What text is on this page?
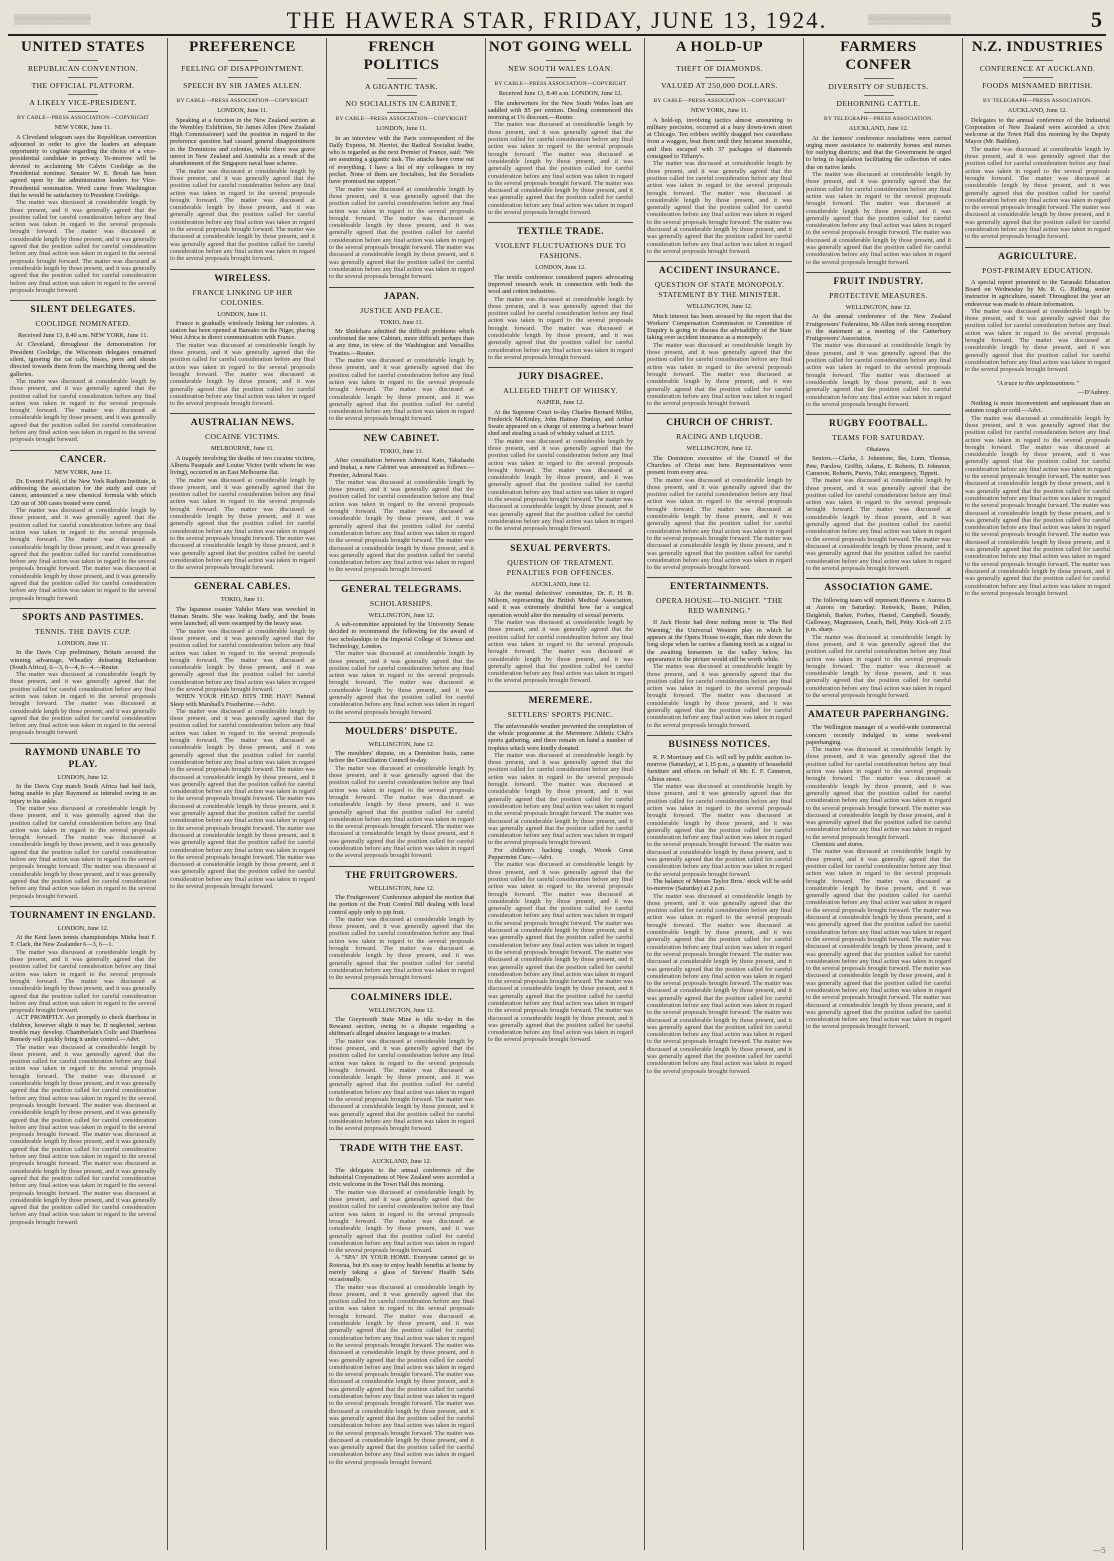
▒▒▒▒▒▒▒▒▒▒▒▒	THE HAWERA STAR, FRIDAY, JUNE 13, 1924.	▒▒▒▒▒▒▒▒▒▒▒▒▒	5
UNITED STATES
REPUBLICAN CONVENTION.
THE OFFICIAL PLATFORM.
A LIKELY VICE-PRESIDENT.
BY CABLE—PRESS ASSOCIATION—COPYRIGHT
NEW YORK, June 11.

A Cleveland telegram says the Republican convention adjourned in order to give the leaders an adequate opportunity to cogitate regarding the choice of a vice-presidential candidate in privacy. To-morrow will be devoted to acclaiming Mr Calvin Coolidge as the Presidential nominee. Senator W. E. Borah has been agreed upon by the administration leaders for Vice-Presidential nomination. Word came from Washington that he would be satisfactory to President Coolidge.

The matter was discussed at considerable length by those present, and it was generally agreed that the position called for careful consideration before any final action was taken in regard to the several proposals brought forward. The matter was discussed at considerable length by those present, and it was generally agreed that the position called for careful consideration before any final action was taken in regard to the several proposals brought forward. The matter was discussed at considerable length by those present, and it was generally agreed that the position called for careful consideration before any final action was taken in regard to the several proposals brought forward.

SILENT DELEGATES.
COOLIDGE NOMINATED.
Received June 13, 8.40 a.m. NEW YORK, June 11.

At Cleveland, throughout the demonstration for President Coolidge, the Wisconsin delegates remained silent, ignoring the cat calls, hisses, jeers and shouts directed towards them from the marching throng and the galleries.

The matter was discussed at considerable length by those present, and it was generally agreed that the position called for careful consideration before any final action was taken in regard to the several proposals brought forward. The matter was discussed at considerable length by those present, and it was generally agreed that the position called for careful consideration before any final action was taken in regard to the several proposals brought forward.

CANCER.
NEW YORK, June 11.

Dr. Everett Field, of the New York Radium Institute, is addressing the association for the study and cure of cancer, announced a new chemical formula with which 120 out of 300 cases treated were cured.

The matter was discussed at considerable length by those present, and it was generally agreed that the position called for careful consideration before any final action was taken in regard to the several proposals brought forward. The matter was discussed at considerable length by those present, and it was generally agreed that the position called for careful consideration before any final action was taken in regard to the several proposals brought forward. The matter was discussed at considerable length by those present, and it was generally agreed that the position called for careful consideration before any final action was taken in regard to the several proposals brought forward.

SPORTS AND PASTIMES.
TENNIS. THE DAVIS CUP.
LONDON, June 11.

In the Davis Cup preliminary, Britain secured the winning advantage, Wheatley defeating Richardson (South Africa), 6—3, 6—4, 6—4.—Reuter.

The matter was discussed at considerable length by those present, and it was generally agreed that the position called for careful consideration before any final action was taken in regard to the several proposals brought forward. The matter was discussed at considerable length by those present, and it was generally agreed that the position called for careful consideration before any final action was taken in regard to the several proposals brought forward.

RAYMOND UNABLE TO PLAY.
LONDON, June 12.

In the Davis Cup match South Africa had bad luck, being unable to play Raymond as intended owing to an injury to his ankle.

The matter was discussed at considerable length by those present, and it was generally agreed that the position called for careful consideration before any final action was taken in regard to the several proposals brought forward. The matter was discussed at considerable length by those present, and it was generally agreed that the position called for careful consideration before any final action was taken in regard to the several proposals brought forward. The matter was discussed at considerable length by those present, and it was generally agreed that the position called for careful consideration before any final action was taken in regard to the several proposals brought forward.

TOURNAMENT IN ENGLAND.
LONDON, June 12.

At the Kent lawn tennis championships Misha beat F. T. Clark, the New Zealander 6—3, 6—1.

The matter was discussed at considerable length by those present, and it was generally agreed that the position called for careful consideration before any final action was taken in regard to the several proposals brought forward. The matter was discussed at considerable length by those present, and it was generally agreed that the position called for careful consideration before any final action was taken in regard to the several proposals brought forward.

ACT PROMPTLY. Act promptly to check diarrhoea in children, however slight it may be. If neglected, serious trouble may develop. Chamberlain's Colic and Diarrhoea Remedy will quickly bring it under control.—Advt.

The matter was discussed at considerable length by those present, and it was generally agreed that the position called for careful consideration before any final action was taken in regard to the several proposals brought forward. The matter was discussed at considerable length by those present, and it was generally agreed that the position called for careful consideration before any final action was taken in regard to the several proposals brought forward. The matter was discussed at considerable length by those present, and it was generally agreed that the position called for careful consideration before any final action was taken in regard to the several proposals brought forward. The matter was discussed at considerable length by those present, and it was generally agreed that the position called for careful consideration before any final action was taken in regard to the several proposals brought forward. The matter was discussed at considerable length by those present, and it was generally agreed that the position called for careful consideration before any final action was taken in regard to the several proposals brought forward. The matter was discussed at considerable length by those present, and it was generally agreed that the position called for careful consideration before any final action was taken in regard to the several proposals brought forward.

PREFERENCE
FEELING OF DISAPPOINTMENT.
SPEECH BY SIR JAMES ALLEN.
BY CABLE—PRESS ASSOCIATION—COPYRIGHT
LONDON, June 11.

Speaking at a function in the New Zealand section at the Wembley Exhibition, Sir James Allen (New Zealand High Commissioner) said the position in regard to the preference question had caused general disappointment in the Dominions and colonies, while there was grave unrest in New Zealand and Australia as a result of the abandonment of the Singapore naval base scheme.

The matter was discussed at considerable length by those present, and it was generally agreed that the position called for careful consideration before any final action was taken in regard to the several proposals brought forward. The matter was discussed at considerable length by those present, and it was generally agreed that the position called for careful consideration before any final action was taken in regard to the several proposals brought forward. The matter was discussed at considerable length by those present, and it was generally agreed that the position called for careful consideration before any final action was taken in regard to the several proposals brought forward.

WIRELESS.
FRANCE LINKING UP HER COLONIES.
LONDON, June 11.

France is gradually wirelessly linking her colonies. A station has been opened at Bamako on the Niger, placing West Africa in direct communication with France.

The matter was discussed at considerable length by those present, and it was generally agreed that the position called for careful consideration before any final action was taken in regard to the several proposals brought forward. The matter was discussed at considerable length by those present, and it was generally agreed that the position called for careful consideration before any final action was taken in regard to the several proposals brought forward.

AUSTRALIAN NEWS.
COCAINE VICTIMS.
MELBOURNE, June 11.

A tragedy involving the deaths of two cocaine victims, Alberta Pasquale and Louise Victor (with whom he was living), occurred in an East Melbourne flat.

The matter was discussed at considerable length by those present, and it was generally agreed that the position called for careful consideration before any final action was taken in regard to the several proposals brought forward. The matter was discussed at considerable length by those present, and it was generally agreed that the position called for careful consideration before any final action was taken in regard to the several proposals brought forward. The matter was discussed at considerable length by those present, and it was generally agreed that the position called for careful consideration before any final action was taken in regard to the several proposals brought forward.

GENERAL CABLES.
TOKIO, June 11.

The Japanese coaster Yahiko Maru was wrecked in Hainan Straits. She was leaking badly, and the boats were launched; all were swamped by the heavy seas.

The matter was discussed at considerable length by those present, and it was generally agreed that the position called for careful consideration before any final action was taken in regard to the several proposals brought forward. The matter was discussed at considerable length by those present, and it was generally agreed that the position called for careful consideration before any final action was taken in regard to the several proposals brought forward.

WHEN YOUR HEAD HITS THE HAY! Natural Sleep with Marshall's Foszherine.—Advt.

The matter was discussed at considerable length by those present, and it was generally agreed that the position called for careful consideration before any final action was taken in regard to the several proposals brought forward. The matter was discussed at considerable length by those present, and it was generally agreed that the position called for careful consideration before any final action was taken in regard to the several proposals brought forward. The matter was discussed at considerable length by those present, and it was generally agreed that the position called for careful consideration before any final action was taken in regard to the several proposals brought forward. The matter was discussed at considerable length by those present, and it was generally agreed that the position called for careful consideration before any final action was taken in regard to the several proposals brought forward. The matter was discussed at considerable length by those present, and it was generally agreed that the position called for careful consideration before any final action was taken in regard to the several proposals brought forward. The matter was discussed at considerable length by those present, and it was generally agreed that the position called for careful consideration before any final action was taken in regard to the several proposals brought forward.

FRENCH POLITICS
A GIGANTIC TASK.
NO SOCIALISTS IN CABINET.
BY CABLE—PRESS ASSOCIATION—COPYRIGHT
LONDON, June 11.

In an interview with the Paris correspondent of the Daily Express, M. Herriot, the Radical Socialist leader, who is regarded as the next Premier of France, said: "We are assuming a gigantic task. The attacks have come out of everything. I have a list of my colleagues in my pocket. None of them are Socialists, but the Socialists have promised me support."

The matter was discussed at considerable length by those present, and it was generally agreed that the position called for careful consideration before any final action was taken in regard to the several proposals brought forward. The matter was discussed at considerable length by those present, and it was generally agreed that the position called for careful consideration before any final action was taken in regard to the several proposals brought forward. The matter was discussed at considerable length by those present, and it was generally agreed that the position called for careful consideration before any final action was taken in regard to the several proposals brought forward.

JAPAN.
JUSTICE AND PEACE.
TOKIO, June 11.

Mr Shidehara admitted the difficult problems which confronted the new Cabinet, more difficult perhaps than at any time, in view of the Washington and Versailles Treaties.—Reuter.

The matter was discussed at considerable length by those present, and it was generally agreed that the position called for careful consideration before any final action was taken in regard to the several proposals brought forward. The matter was discussed at considerable length by those present, and it was generally agreed that the position called for careful consideration before any final action was taken in regard to the several proposals brought forward.

NEW CABINET.
TOKIO, June 11.

After consultation between Admiral Kato, Takahashi and Inukai, a new Cabinet was announced as follows:—Premier, Admiral Kato.

The matter was discussed at considerable length by those present, and it was generally agreed that the position called for careful consideration before any final action was taken in regard to the several proposals brought forward. The matter was discussed at considerable length by those present, and it was generally agreed that the position called for careful consideration before any final action was taken in regard to the several proposals brought forward. The matter was discussed at considerable length by those present, and it was generally agreed that the position called for careful consideration before any final action was taken in regard to the several proposals brought forward.

GENERAL TELEGRAMS.
SCHOLARSHIPS.
WELLINGTON, June 12.

A sub-committee appointed by the University Senate decided to recommend the following for the award of two scholarships to the Imperial College of Science and Technology, London.

The matter was discussed at considerable length by those present, and it was generally agreed that the position called for careful consideration before any final action was taken in regard to the several proposals brought forward. The matter was discussed at considerable length by those present, and it was generally agreed that the position called for careful consideration before any final action was taken in regard to the several proposals brought forward.

MOULDERS' DISPUTE.
WELLINGTON, June 12.

The moulders' dispute, on a Dominion basis, came before the Conciliation Council to-day.

The matter was discussed at considerable length by those present, and it was generally agreed that the position called for careful consideration before any final action was taken in regard to the several proposals brought forward. The matter was discussed at considerable length by those present, and it was generally agreed that the position called for careful consideration before any final action was taken in regard to the several proposals brought forward. The matter was discussed at considerable length by those present, and it was generally agreed that the position called for careful consideration before any final action was taken in regard to the several proposals brought forward.

THE FRUITGROWERS.
WELLINGTON, June 12.

The Fruitgrowers' Conference adopted the motion that the portion of the Fruit Control Bill dealing with local control apply only to pip fruit.

The matter was discussed at considerable length by those present, and it was generally agreed that the position called for careful consideration before any final action was taken in regard to the several proposals brought forward. The matter was discussed at considerable length by those present, and it was generally agreed that the position called for careful consideration before any final action was taken in regard to the several proposals brought forward.

COALMINERS IDLE.
WELLINGTON, June 12.

The Greymouth State Mine is idle to-day in the Rewanui section, owing to a dispute regarding a shiftman's alleged abusive language to a trucker.

The matter was discussed at considerable length by those present, and it was generally agreed that the position called for careful consideration before any final action was taken in regard to the several proposals brought forward. The matter was discussed at considerable length by those present, and it was generally agreed that the position called for careful consideration before any final action was taken in regard to the several proposals brought forward. The matter was discussed at considerable length by those present, and it was generally agreed that the position called for careful consideration before any final action was taken in regard to the several proposals brought forward.

TRADE WITH THE EAST.
AUCKLAND, June 12.

The delegates to the annual conference of the Industrial Corporations of New Zealand were accorded a civic welcome in the Town Hall this morning.

The matter was discussed at considerable length by those present, and it was generally agreed that the position called for careful consideration before any final action was taken in regard to the several proposals brought forward. The matter was discussed at considerable length by those present, and it was generally agreed that the position called for careful consideration before any final action was taken in regard to the several proposals brought forward.

A "SPA" IN YOUR HOME. Everyone cannot go to Rotorua, but it's easy to enjoy health benefits at home by merely taking a glass of Stevens' Health Salts occasionally.

The matter was discussed at considerable length by those present, and it was generally agreed that the position called for careful consideration before any final action was taken in regard to the several proposals brought forward. The matter was discussed at considerable length by those present, and it was generally agreed that the position called for careful consideration before any final action was taken in regard to the several proposals brought forward. The matter was discussed at considerable length by those present, and it was generally agreed that the position called for careful consideration before any final action was taken in regard to the several proposals brought forward. The matter was discussed at considerable length by those present, and it was generally agreed that the position called for careful consideration before any final action was taken in regard to the several proposals brought forward. The matter was discussed at considerable length by those present, and it was generally agreed that the position called for careful consideration before any final action was taken in regard to the several proposals brought forward. The matter was discussed at considerable length by those present, and it was generally agreed that the position called for careful consideration before any final action was taken in regard to the several proposals brought forward.

NOT GOING WELL
NEW SOUTH WALES LOAN.
BY CABLE—PRESS ASSOCIATION—COPYRIGHT
Received June 13, 8.40 a.m. LONDON, June 12.

The underwriters for the New South Wales loan are saddled with 85 per centum. Dealing commenced this morning at 1¼ discount.—Reuter.

The matter was discussed at considerable length by those present, and it was generally agreed that the position called for careful consideration before any final action was taken in regard to the several proposals brought forward. The matter was discussed at considerable length by those present, and it was generally agreed that the position called for careful consideration before any final action was taken in regard to the several proposals brought forward. The matter was discussed at considerable length by those present, and it was generally agreed that the position called for careful consideration before any final action was taken in regard to the several proposals brought forward.

TEXTILE TRADE.
VIOLENT FLUCTUATIONS DUE TO FASHIONS.
LONDON, June 12.

The textile conference considered papers advocating improved research work in connection with both the wool and cotton industries.

The matter was discussed at considerable length by those present, and it was generally agreed that the position called for careful consideration before any final action was taken in regard to the several proposals brought forward. The matter was discussed at considerable length by those present, and it was generally agreed that the position called for careful consideration before any final action was taken in regard to the several proposals brought forward.

JURY DISAGREE.
ALLEGED THEFT OF WHISKY.
NAPIER, June 12.

At the Supreme Court to-day Charles Bernard Miller, Frederick McKinley, John Hattray Dunlop, and Arthur Swain appeared on a charge of entering a harbour board shed and stealing a cask of whisky valued at £115.

The matter was discussed at considerable length by those present, and it was generally agreed that the position called for careful consideration before any final action was taken in regard to the several proposals brought forward. The matter was discussed at considerable length by those present, and it was generally agreed that the position called for careful consideration before any final action was taken in regard to the several proposals brought forward. The matter was discussed at considerable length by those present, and it was generally agreed that the position called for careful consideration before any final action was taken in regard to the several proposals brought forward.

SEXUAL PERVERTS.
QUESTION OF TREATMENT. PENALTIES FOR OFFENCES.
AUCKLAND, June 12.

At the mental defectives' committee, Dr. E. H. B. Milsom, representing the British Medical Association, said it was extremely doubtful how far a surgical operation would alter the mentality of sexual perverts.

The matter was discussed at considerable length by those present, and it was generally agreed that the position called for careful consideration before any final action was taken in regard to the several proposals brought forward. The matter was discussed at considerable length by those present, and it was generally agreed that the position called for careful consideration before any final action was taken in regard to the several proposals brought forward.

MEREMERE.
SETTLERS' SPORTS PICNIC.

The unfavourable weather prevented the completion of the whole programme at the Meremere Athletic Club's sports gathering, and there remain on hand a number of trophies which were kindly donated.

The matter was discussed at considerable length by those present, and it was generally agreed that the position called for careful consideration before any final action was taken in regard to the several proposals brought forward. The matter was discussed at considerable length by those present, and it was generally agreed that the position called for careful consideration before any final action was taken in regard to the several proposals brought forward. The matter was discussed at considerable length by those present, and it was generally agreed that the position called for careful consideration before any final action was taken in regard to the several proposals brought forward.

For children's hacking cough, Woods Great Peppermint Cure.—Advt.

The matter was discussed at considerable length by those present, and it was generally agreed that the position called for careful consideration before any final action was taken in regard to the several proposals brought forward. The matter was discussed at considerable length by those present, and it was generally agreed that the position called for careful consideration before any final action was taken in regard to the several proposals brought forward. The matter was discussed at considerable length by those present, and it was generally agreed that the position called for careful consideration before any final action was taken in regard to the several proposals brought forward. The matter was discussed at considerable length by those present, and it was generally agreed that the position called for careful consideration before any final action was taken in regard to the several proposals brought forward. The matter was discussed at considerable length by those present, and it was generally agreed that the position called for careful consideration before any final action was taken in regard to the several proposals brought forward. The matter was discussed at considerable length by those present, and it was generally agreed that the position called for careful consideration before any final action was taken in regard to the several proposals brought forward.

A HOLD-UP
THEFT OF DIAMONDS.
VALUED AT 250,000 DOLLARS.
BY CABLE—PRESS ASSOCIATION—COPYRIGHT
NEW YORK, June 11.

A hold-up, involving tactics almost amounting to military precision, occurred at a busy down-town street at Chicago. Ten robbers swiftly dragged two custodians from a waggon, beat them until they became insensible, and then escaped with 37 packages of diamonds consigned to Tiffany's.

The matter was discussed at considerable length by those present, and it was generally agreed that the position called for careful consideration before any final action was taken in regard to the several proposals brought forward. The matter was discussed at considerable length by those present, and it was generally agreed that the position called for careful consideration before any final action was taken in regard to the several proposals brought forward. The matter was discussed at considerable length by those present, and it was generally agreed that the position called for careful consideration before any final action was taken in regard to the several proposals brought forward.

ACCIDENT INSURANCE.
QUESTION OF STATE MONOPOLY. STATEMENT BY THE MINISTER.
WELLINGTON, June 12.

Much interest has been aroused by the report that the Workers' Compensation Commission or Committee of Enquiry is going to discuss the advisability of the State taking over accident insurance as a monopoly.

The matter was discussed at considerable length by those present, and it was generally agreed that the position called for careful consideration before any final action was taken in regard to the several proposals brought forward. The matter was discussed at considerable length by those present, and it was generally agreed that the position called for careful consideration before any final action was taken in regard to the several proposals brought forward.

CHURCH OF CHRIST.
RACING AND LIQUOR.
WELLINGTON, June 12.

The Dominion executive of the Council of the Churches of Christ met here. Representatives were present from every area.

The matter was discussed at considerable length by those present, and it was generally agreed that the position called for careful consideration before any final action was taken in regard to the several proposals brought forward. The matter was discussed at considerable length by those present, and it was generally agreed that the position called for careful consideration before any final action was taken in regard to the several proposals brought forward. The matter was discussed at considerable length by those present, and it was generally agreed that the position called for careful consideration before any final action was taken in regard to the several proposals brought forward.

ENTERTAINMENTS.
OPERA HOUSE—TO-NIGHT. "THE RED WARNING."

If Jack Hoxie had done nothing more in 'The Red Warning,' the Universal Western play in which he appears at the Opera House to-night, than ride down the long slope when he carries a flaming torch as a signal to the awaiting horsemen in the valley below, his appearance in the picture would still be worth while.

The matter was discussed at considerable length by those present, and it was generally agreed that the position called for careful consideration before any final action was taken in regard to the several proposals brought forward. The matter was discussed at considerable length by those present, and it was generally agreed that the position called for careful consideration before any final action was taken in regard to the several proposals brought forward.

BUSINESS NOTICES.

R. P. Morrissey and Co. will sell by public auction to-morrow (Saturday), at 1.15 p.m., a quantity of household furniture and effects on behalf of Mr. E. F. Cameron, Albion street.

The matter was discussed at considerable length by those present, and it was generally agreed that the position called for careful consideration before any final action was taken in regard to the several proposals brought forward. The matter was discussed at considerable length by those present, and it was generally agreed that the position called for careful consideration before any final action was taken in regard to the several proposals brought forward. The matter was discussed at considerable length by those present, and it was generally agreed that the position called for careful consideration before any final action was taken in regard to the several proposals brought forward.

The balance of Messrs Taylor Bros.' stock will be sold to-morrow (Saturday) at 2 p.m.

The matter was discussed at considerable length by those present, and it was generally agreed that the position called for careful consideration before any final action was taken in regard to the several proposals brought forward. The matter was discussed at considerable length by those present, and it was generally agreed that the position called for careful consideration before any final action was taken in regard to the several proposals brought forward. The matter was discussed at considerable length by those present, and it was generally agreed that the position called for careful consideration before any final action was taken in regard to the several proposals brought forward. The matter was discussed at considerable length by those present, and it was generally agreed that the position called for careful consideration before any final action was taken in regard to the several proposals brought forward. The matter was discussed at considerable length by those present, and it was generally agreed that the position called for careful consideration before any final action was taken in regard to the several proposals brought forward. The matter was discussed at considerable length by those present, and it was generally agreed that the position called for careful consideration before any final action was taken in regard to the several proposals brought forward.

FARMERS CONFER
DIVERSITY OF SUBJECTS.
DEHORNING CATTLE.
BY TELEGRAPH—PRESS ASSOCIATION.
AUCKLAND, June 12.

At the farmers' conference resolutions were carried urging more assistance to maternity homes and nurses for outlying districts; and that the Government be urged to bring in legislation facilitating the collection of rates due on native lands.

The matter was discussed at considerable length by those present, and it was generally agreed that the position called for careful consideration before any final action was taken in regard to the several proposals brought forward. The matter was discussed at considerable length by those present, and it was generally agreed that the position called for careful consideration before any final action was taken in regard to the several proposals brought forward. The matter was discussed at considerable length by those present, and it was generally agreed that the position called for careful consideration before any final action was taken in regard to the several proposals brought forward.

FRUIT INDUSTRY.
PROTECTIVE MEASURES.
WELLINGTON, June 12.

At the annual conference of the New Zealand Fruitgrowers' Federation, Mr Allen took strong exception to the statement at a meeting of the Canterbury Fruitgrowers' Association.

The matter was discussed at considerable length by those present, and it was generally agreed that the position called for careful consideration before any final action was taken in regard to the several proposals brought forward. The matter was discussed at considerable length by those present, and it was generally agreed that the position called for careful consideration before any final action was taken in regard to the several proposals brought forward.

RUGBY FOOTBALL.
TEAMS FOR SATURDAY.
Okaiawa.

Seniors.—Clarke, J. Johnstone, Ike, Lunn, Thomas, Pete, Parslow, Griffin, Adams, E. Roberts, D. Johnston, Cameron, Roberts, Purvis, Tuki; emergency, Tippett.

The matter was discussed at considerable length by those present, and it was generally agreed that the position called for careful consideration before any final action was taken in regard to the several proposals brought forward. The matter was discussed at considerable length by those present, and it was generally agreed that the position called for careful consideration before any final action was taken in regard to the several proposals brought forward. The matter was discussed at considerable length by those present, and it was generally agreed that the position called for careful consideration before any final action was taken in regard to the several proposals brought forward.

ASSOCIATION GAME.

The following team will represent Hawera v. Aurora B at Aurora on Saturday: Renwick, Beare, Pullen, Daigleish, Barker, Forbes, Hasted, Campbell, Soundy, Galloway, Magnusson, Leach, Bell, Petty. Kick-off 2.15 p.m. sharp.

The matter was discussed at considerable length by those present, and it was generally agreed that the position called for careful consideration before any final action was taken in regard to the several proposals brought forward. The matter was discussed at considerable length by those present, and it was generally agreed that the position called for careful consideration before any final action was taken in regard to the several proposals brought forward.

AMATEUR PAPERHANGING.

The Wellington manager of a world-wide commercial concern recently indulged in some week-end paperhanging.

The matter was discussed at considerable length by those present, and it was generally agreed that the position called for careful consideration before any final action was taken in regard to the several proposals brought forward. The matter was discussed at considerable length by those present, and it was generally agreed that the position called for careful consideration before any final action was taken in regard to the several proposals brought forward. The matter was discussed at considerable length by those present, and it was generally agreed that the position called for careful consideration before any final action was taken in regard to the several proposals brought forward.

Chemists and stores.

The matter was discussed at considerable length by those present, and it was generally agreed that the position called for careful consideration before any final action was taken in regard to the several proposals brought forward. The matter was discussed at considerable length by those present, and it was generally agreed that the position called for careful consideration before any final action was taken in regard to the several proposals brought forward. The matter was discussed at considerable length by those present, and it was generally agreed that the position called for careful consideration before any final action was taken in regard to the several proposals brought forward. The matter was discussed at considerable length by those present, and it was generally agreed that the position called for careful consideration before any final action was taken in regard to the several proposals brought forward. The matter was discussed at considerable length by those present, and it was generally agreed that the position called for careful consideration before any final action was taken in regard to the several proposals brought forward. The matter was discussed at considerable length by those present, and it was generally agreed that the position called for careful consideration before any final action was taken in regard to the several proposals brought forward.

N.Z. INDUSTRIES
CONFERENCE AT AUCKLAND.
FOODS MISNAMED BRITISH.
BY TELEGRAPH—PRESS ASSOCIATION.
AUCKLAND, June 12.

Delegates to the annual conference of the Industrial Corporation of New Zealand were accorded a civic welcome at the Town Hall this morning by the Deputy Mayor (Mr. Baildon).

The matter was discussed at considerable length by those present, and it was generally agreed that the position called for careful consideration before any final action was taken in regard to the several proposals brought forward. The matter was discussed at considerable length by those present, and it was generally agreed that the position called for careful consideration before any final action was taken in regard to the several proposals brought forward. The matter was discussed at considerable length by those present, and it was generally agreed that the position called for careful consideration before any final action was taken in regard to the several proposals brought forward.

AGRICULTURE.
POST-PRIMARY EDUCATION.

A special report presented to the Taranaki Education Board on Wednesday by Mr. R. G. Ridling, senior instructor in agriculture, stated: Throughout the year an endeavour was made to obtain information.

The matter was discussed at considerable length by those present, and it was generally agreed that the position called for careful consideration before any final action was taken in regard to the several proposals brought forward. The matter was discussed at considerable length by those present, and it was generally agreed that the position called for careful consideration before any final action was taken in regard to the several proposals brought forward.

"A truce to this unpleasantness."
—D'Aubrey.

Nothing is more inconvenient and unpleasant than an autumn cough or cold.—Advt.

The matter was discussed at considerable length by those present, and it was generally agreed that the position called for careful consideration before any final action was taken in regard to the several proposals brought forward. The matter was discussed at considerable length by those present, and it was generally agreed that the position called for careful consideration before any final action was taken in regard to the several proposals brought forward. The matter was discussed at considerable length by those present, and it was generally agreed that the position called for careful consideration before any final action was taken in regard to the several proposals brought forward. The matter was discussed at considerable length by those present, and it was generally agreed that the position called for careful consideration before any final action was taken in regard to the several proposals brought forward. The matter was discussed at considerable length by those present, and it was generally agreed that the position called for careful consideration before any final action was taken in regard to the several proposals brought forward. The matter was discussed at considerable length by those present, and it was generally agreed that the position called for careful consideration before any final action was taken in regard to the several proposals brought forward.

—5
